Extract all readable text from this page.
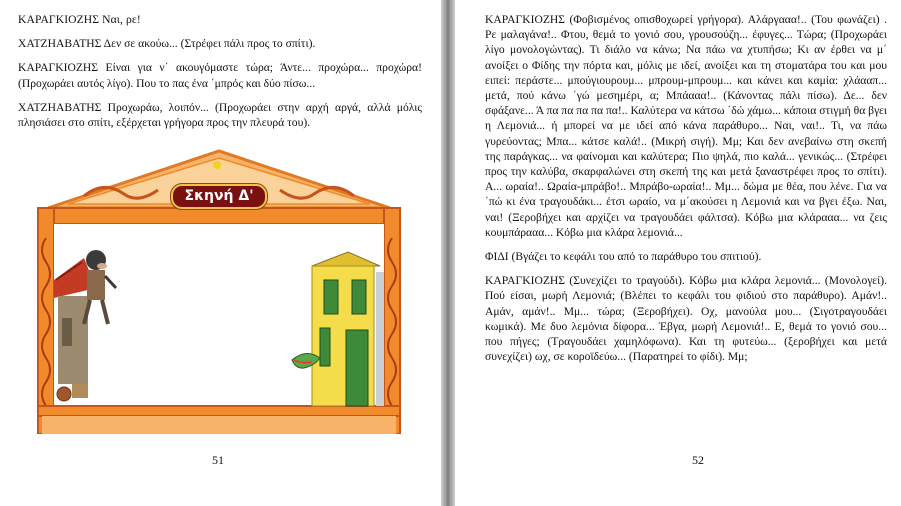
ΚΑΡΑΓΚΙΟΖΗΣ Ναι, ρε!

ΧΑΤΖΗΑΒΑΤΗΣ Δεν σε ακούω... (Στρέφει πάλι προς το σπίτι).

ΚΑΡΑΓΚΙΟΖΗΣ Είναι για ν΄ ακουγόμαστε τώρα; Άντε... προχώρα... προχώρα! (Προχωράει αυτός λίγο). Που το πας ένα ΄μπρός και δύο πίσω...

ΧΑΤΖΗΑΒΑΤΗΣ Προχωράω, λοιπόν... (Προχωράει στην αρχή αργά, αλλά μόλις πλησιάσει στο σπίτι, εξέρχεται γρήγορα προς την πλευρά του).

Σκηνή Δ'
51

ΚΑΡΑΓΚΙΟΖΗΣ (Φοβισμένος οπισθοχωρεί γρήγορα). Αλάργααα!.. (Του φωνάζει) . Ρε μαλαγάνα!.. Φτου, θεμά το γονιό σου, γρουσούζη... έφυγες... Τώρα; (Προχωράει λίγο μονολογώντας). Τι διάλο να κάνω; Να πάω να χτυπήσω; Κι αν έρθει να μ΄ ανοίξει ο Φίδης την πόρτα και, μόλις με ιδεί, ανοίξει και τη στοματάρα του και μου ειπεί: περάστε... μπούγιουρουμ... μπρουμ-μπρουμ... και κάνει και καμία: χλάααπ... μετά, πού κάνω ΄γώ μεσημέρι, α; Μπάααα!.. (Κάνοντας πάλι πίσω). Δε... δεν σφάξανε... Ά πα πα πα πα πα!.. Καλύτερα να κάτσω ΄δώ χάμω... κάποια στιγμή θα βγει η Λεμονιά... ή μπορεί να με ιδεί από κάνα παράθυρο... Ναι, ναι!.. Τι, να πάω γυρεύοντας; Μπα... κάτσε καλά!.. (Μικρή σιγή). Μμ; Και δεν ανεβαίνω στη σκεπή της παράγκας... να φαίνομαι και καλύτερα; Πιο ψηλά, πιο καλά... γενικώς... (Στρέφει προς την καλύβα, σκαρφαλώνει στη σκεπή της και μετά ξαναστρέφει προς το σπίτι). Α... ωραία!.. Ωραία-μπράβο!.. Μπράβο-ωραία!.. Μμ... δώμα με θέα, που λένε. Για να ΄πώ κι ένα τραγουδάκι... έτσι ωραίο, να μ΄ακούσει η Λεμονιά και να βγει έξω. Ναι, ναι! (Ξεροβήχει και αρχίζει να τραγουδάει φάλτσα). Κόβω μια κλάρααα... να ζεις κουμπάρααα... Κόβω μια κλάρα λεμονιά...

ΦΙΔΙ (Βγάζει το κεφάλι του από το παράθυρο του σπιτιού).

ΚΑΡΑΓΚΙΟΖΗΣ (Συνεχίζει το τραγούδι). Κόβω μια κλάρα λεμονιά... (Μονολογεί). Πού είσαι, μωρή Λεμονιά; (Βλέπει το κεφάλι του φιδιού στο παράθυρο). Αμάν!.. Αμάν, αμάν!.. Μμ... τώρα; (Ξεροβήχει). Οχ, μανούλα μου... (Σιγοτραγουδάει κωμικά). Με δυο λεμόνια δίφορα... Έβγα, μωρή Λεμονιά!.. Ε, θεμά το γονιό σου... που πήγες; (Τραγουδάει χαμηλόφωνα). Και τη φυτεύω... (ξεροβήχει και μετά συνεχίζει) ωχ, σε κοροϊδεύω... (Παρατηρεί το φίδι). Μμ;

52
